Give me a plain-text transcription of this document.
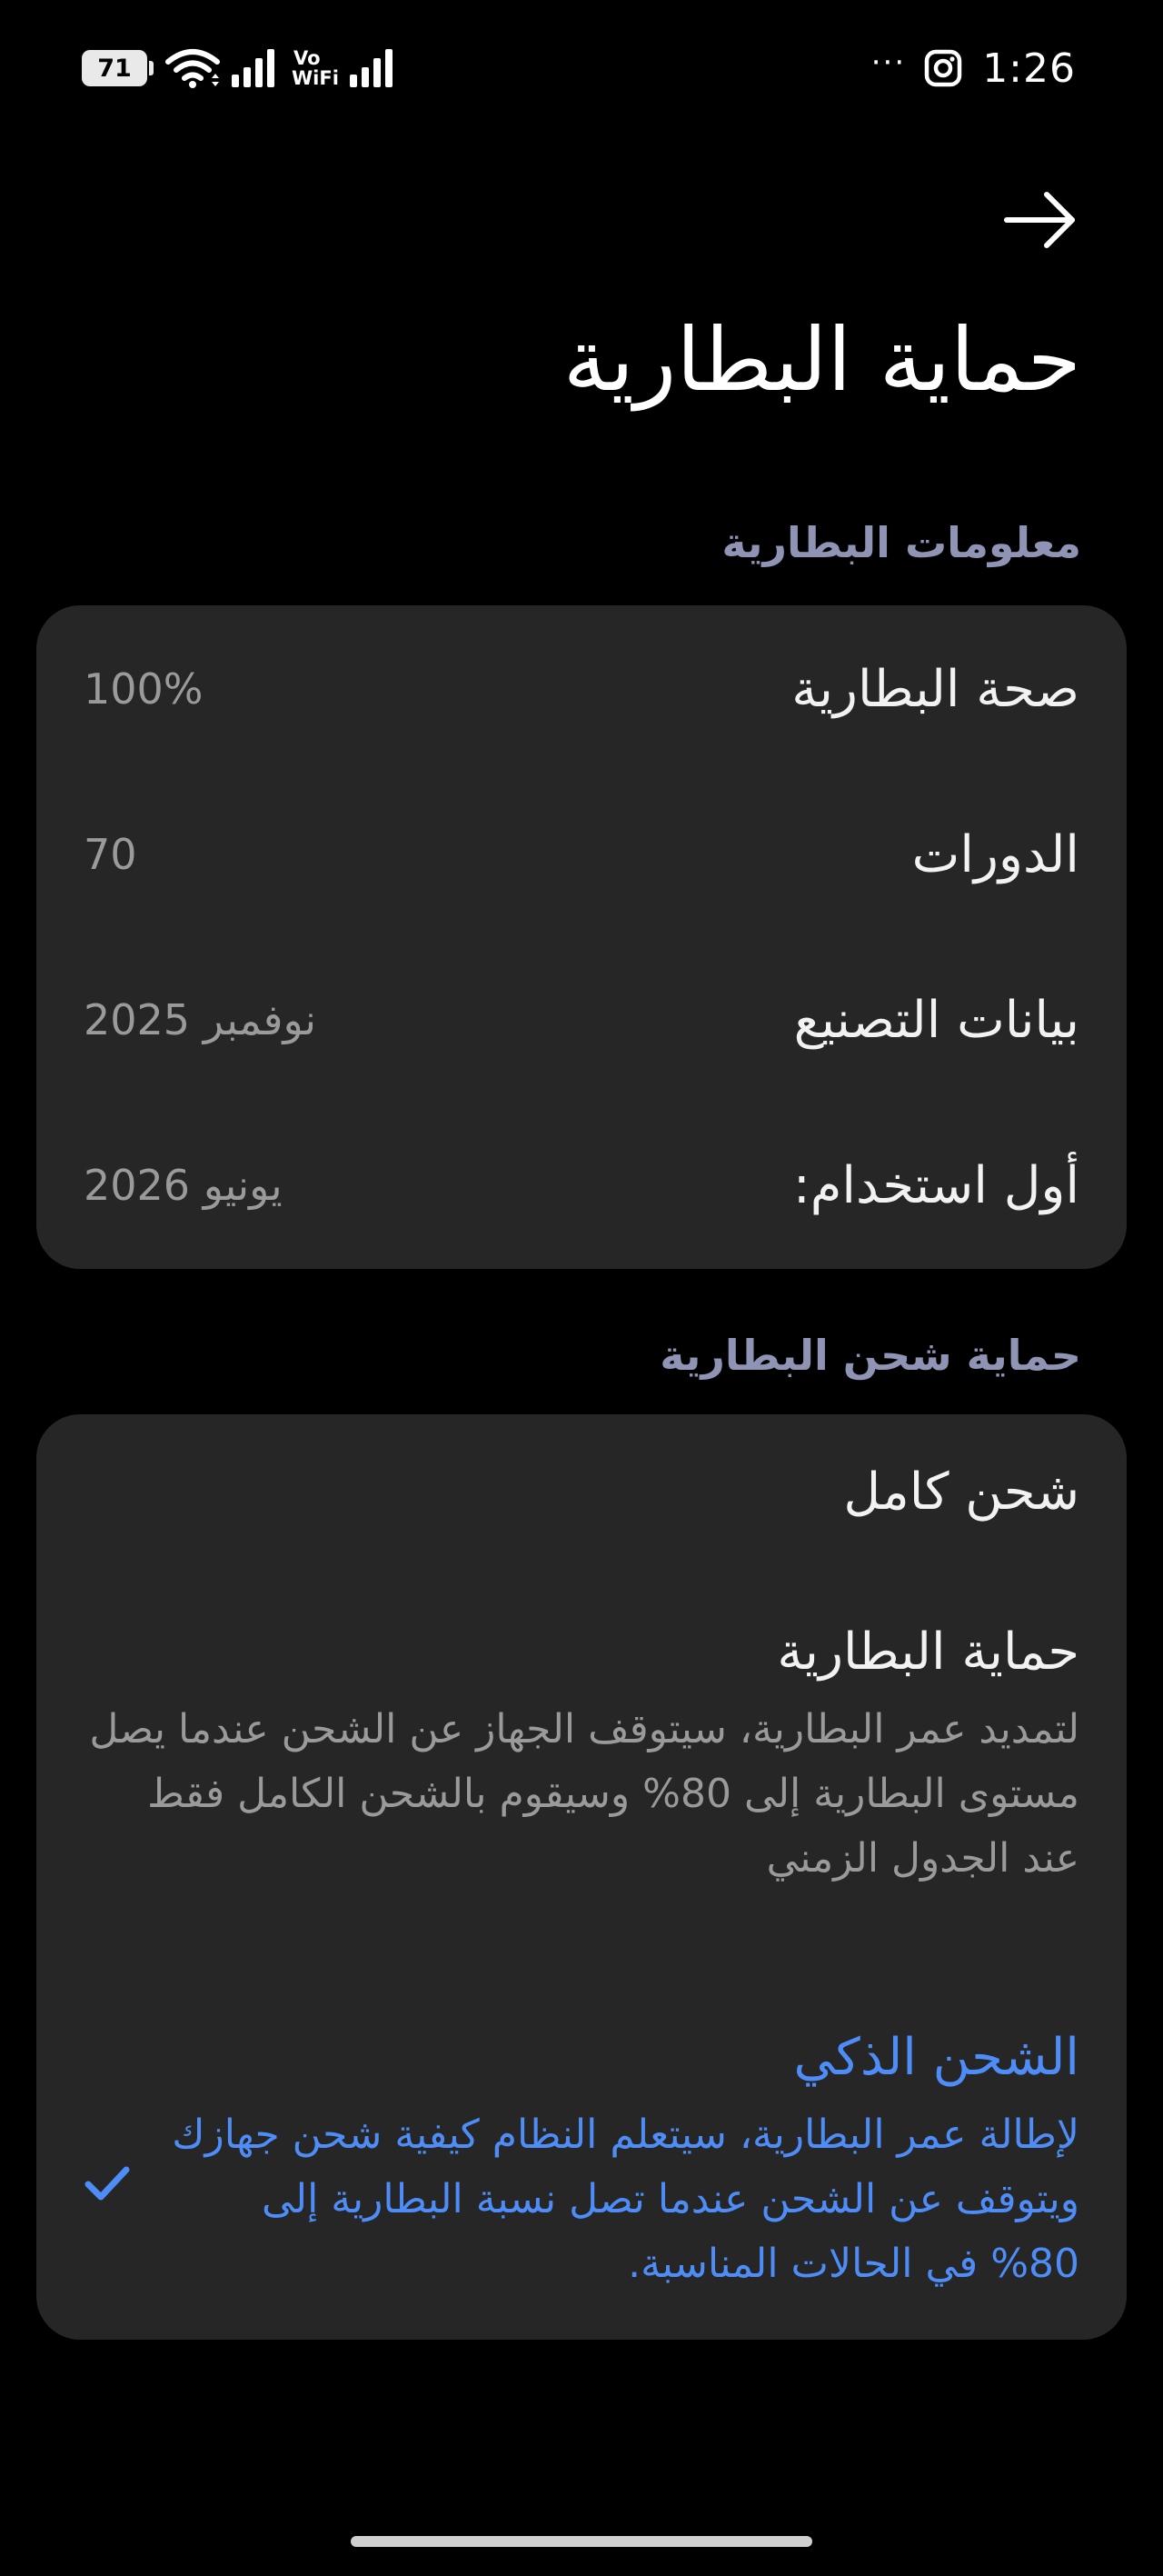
71	Vo
WiFi	··· 1:26
حماية البطارية
معلومات البطارية
صحة البطارية
100%
الدورات
70
بيانات التصنيع
نوفمبر 2025
أول استخدام:
يونيو 2026
حماية شحن البطارية
شحن كامل
حماية البطارية
لتمديد عمر البطارية، سيتوقف الجهاز عن الشحن عندما يصل مستوى البطارية إلى 80% وسيقوم بالشحن الكامل فقط عند الجدول الزمني
الشحن الذكي
لإطالة عمر البطارية، سيتعلم النظام كيفية شحن جهازك ويتوقف عن الشحن عندما تصل نسبة البطارية إلى 80% في الحالات المناسبة.
